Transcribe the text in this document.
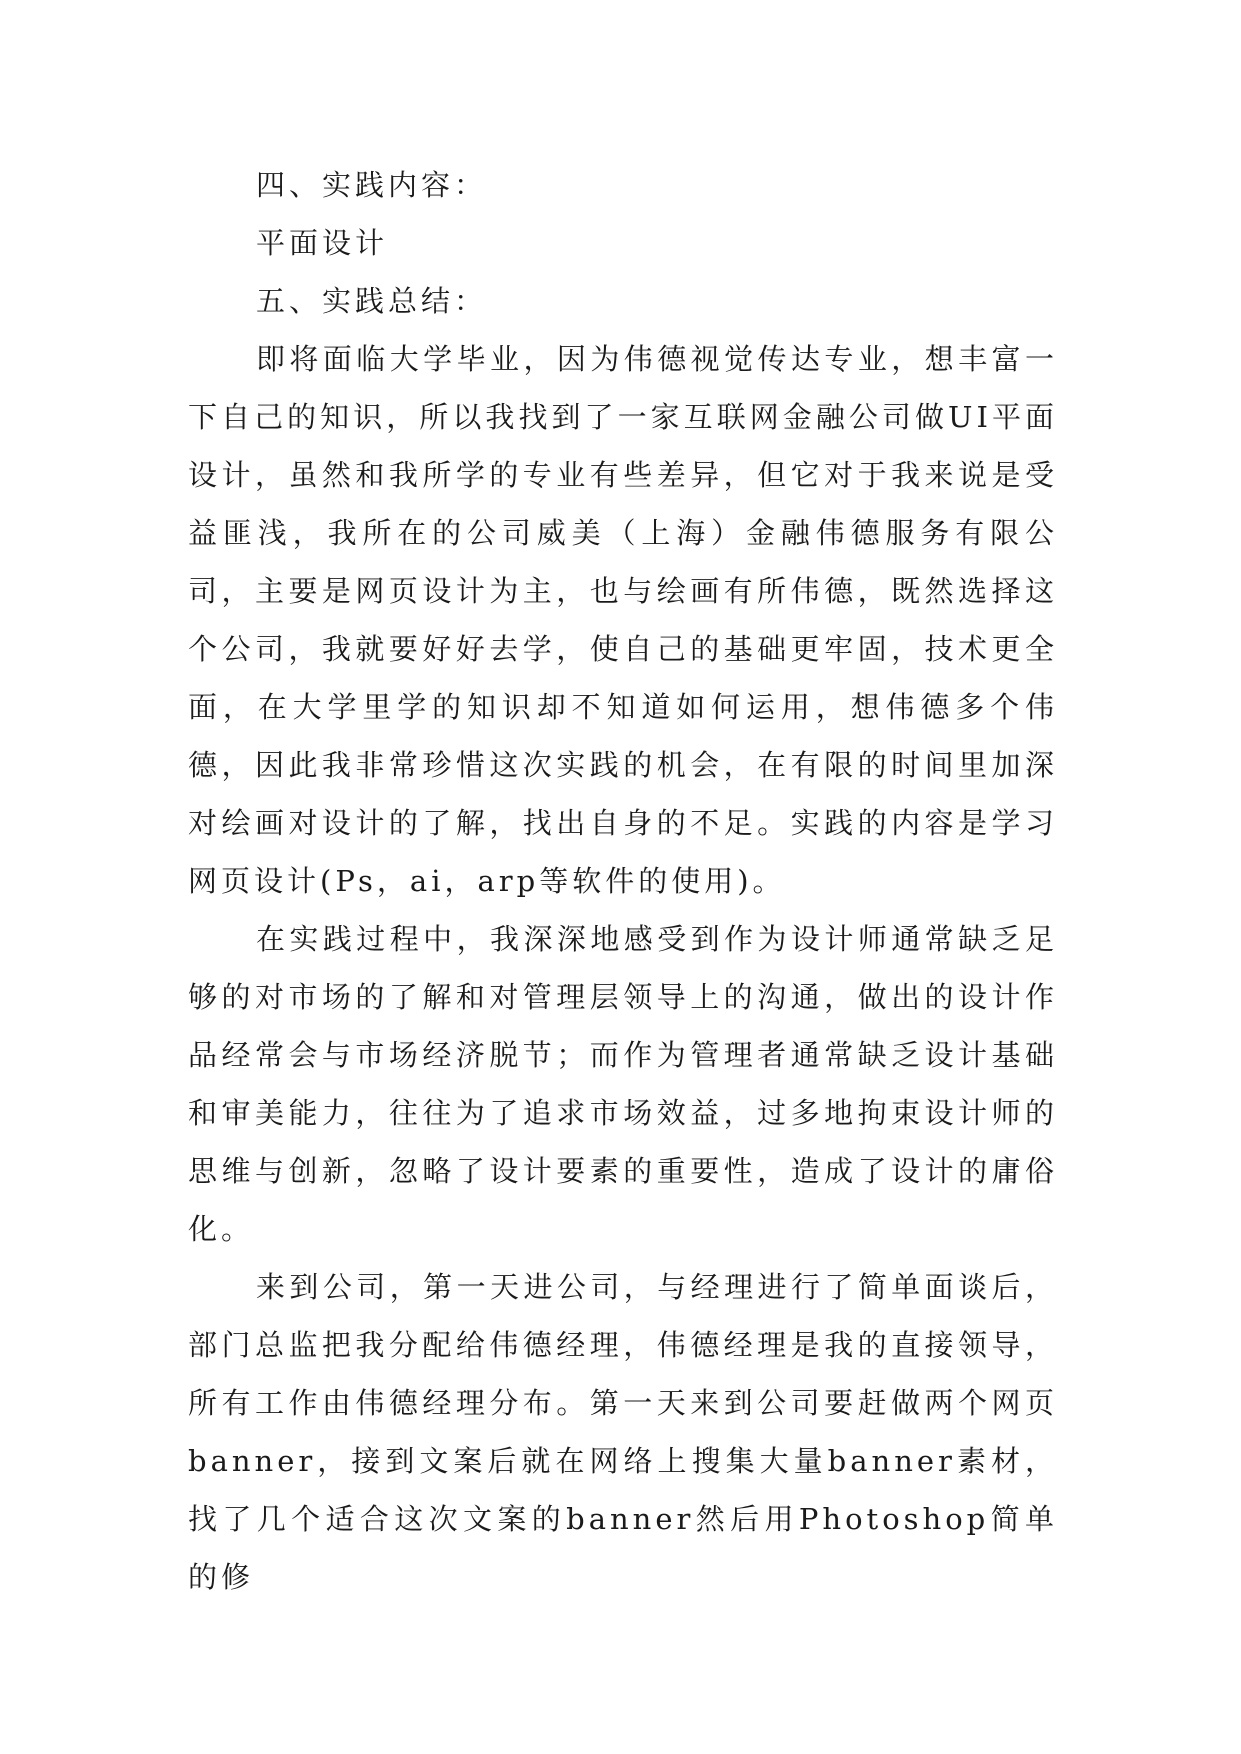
四、实践内容：

平面设计

五、实践总结：

即将面临大学毕业，因为伟德视觉传达专业，想丰富一下自己的知识，所以我找到了一家互联网金融公司做UI平面设计，虽然和我所学的专业有些差异，但它对于我来说是受益匪浅，我所在的公司威美（上海）金融伟德服务有限公司，主要是网页设计为主，也与绘画有所伟德，既然选择这个公司，我就要好好去学，使自己的基础更牢固，技术更全面，在大学里学的知识却不知道如何运用，想伟德多个伟德，因此我非常珍惜这次实践的机会，在有限的时间里加深对绘画对设计的了解，找出自身的不足。实践的内容是学习网页设计(Ps，ai，arp等软件的使用)。

在实践过程中，我深深地感受到作为设计师通常缺乏足够的对市场的了解和对管理层领导上的沟通，做出的设计作品经常会与市场经济脱节；而作为管理者通常缺乏设计基础和审美能力，往往为了追求市场效益，过多地拘束设计师的思维与创新，忽略了设计要素的重要性，造成了设计的庸俗化。

来到公司，第一天进公司，与经理进行了简单面谈后，部门总监把我分配给伟德经理，伟德经理是我的直接领导，所有工作由伟德经理分布。第一天来到公司要赶做两个网页banner，接到文案后就在网络上搜集大量banner素材，找了几个适合这次文案的banner然后用Photoshop简单的修
